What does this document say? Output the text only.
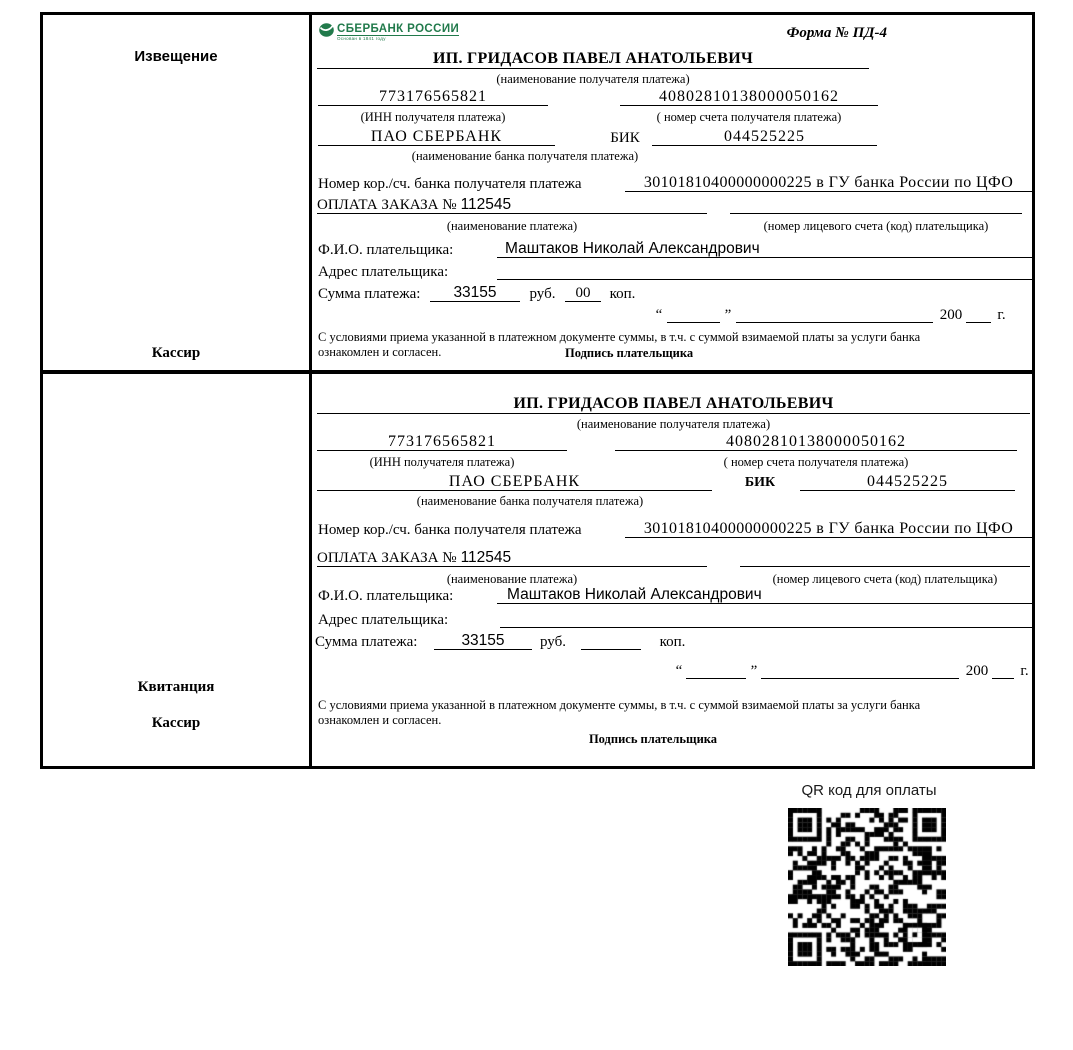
Извещение
Кассир
СБЕРБАНК РОССИИ
Основан в 1841 году	Форма № ПД-4
ИП. ГРИДАСОВ ПАВЕЛ АНАТОЛЬЕВИЧ
(наименование получателя платежа)
773176565821	40802810138000050162
(ИНН получателя платежа)	( номер счета получателя платежа)
ПАО СБЕРБАНК	БИК	044525225
(наименование банка получателя платежа)
Номер кор./сч. банка получателя платежа	30101810400000000225 в ГУ банка России по ЦФО
ОПЛАТА ЗАКАЗА № 112545
(наименование платежа)	(номер лицевого счета (код) плательщика)
Ф.И.О. плательщика:	Маштаков Николай Александрович
Адрес плательщика:
Сумма платежа: 33155 руб. 00 коп.
“	”	200 г.
С условиями приема указанной в платежном документе суммы, в т.ч. с суммой взимаемой платы за услуги банка
ознакомлен и согласен.	Подпись плательщика
Квитанция
Кассир
ИП. ГРИДАСОВ ПАВЕЛ АНАТОЛЬЕВИЧ
(наименование получателя платежа)
773176565821	40802810138000050162
(ИНН получателя платежа)	( номер счета получателя платежа)
ПАО СБЕРБАНК	БИК	044525225
(наименование банка получателя платежа)
Номер кор./сч. банка получателя платежа	30101810400000000225 в ГУ банка России по ЦФО
ОПЛАТА ЗАКАЗА № 112545
(наименование платежа)	(номер лицевого счета (код) плательщика)
Ф.И.О. плательщика:	Маштаков Николай Александрович
Адрес плательщика:
Сумма платежа:	33155 руб.	коп.
“	”	200 г.
С условиями приема указанной в платежном документе суммы, в т.ч. с суммой взимаемой платы за услуги банка
ознакомлен и согласен.
Подпись плательщика
QR код для оплаты
